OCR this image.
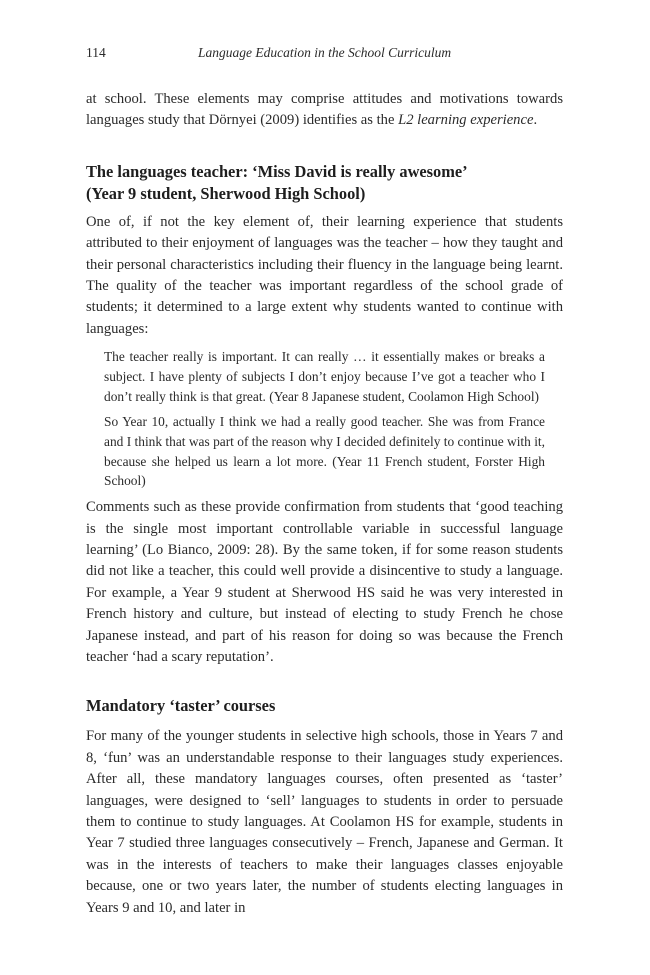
114	Language Education in the School Curriculum

at school. These elements may comprise attitudes and motivations towards languages study that Dörnyei (2009) identifies as the L2 learning experience.

The languages teacher: ‘Miss David is really awesome’
(Year 9 student, Sherwood High School)

One of, if not the key element of, their learning experience that students attributed to their enjoyment of languages was the teacher – how they taught and their personal characteristics including their fluency in the language being learnt. The quality of the teacher was important regardless of the school grade of students; it determined to a large extent why students wanted to continue with languages:

The teacher really is important. It can really … it essentially makes or breaks a subject. I have plenty of subjects I don’t enjoy because I’ve got a teacher who I don’t really think is that great. (Year 8 Japanese student, Coolamon High School)

So Year 10, actually I think we had a really good teacher. She was from France and I think that was part of the reason why I decided definitely to continue with it, because she helped us learn a lot more. (Year 11 French student, Forster High School)

Comments such as these provide confirmation from students that ‘good teaching is the single most important controllable variable in successful language learning’ (Lo Bianco, 2009: 28). By the same token, if for some reason students did not like a teacher, this could well provide a disincentive to study a language. For example, a Year 9 student at Sherwood HS said he was very interested in French history and culture, but instead of electing to study French he chose Japanese instead, and part of his reason for doing so was because the French teacher ‘had a scary reputation’.

Mandatory ‘taster’ courses

For many of the younger students in selective high schools, those in Years 7 and 8, ‘fun’ was an understandable response to their languages study experiences. After all, these mandatory languages courses, often presented as ‘taster’ languages, were designed to ‘sell’ languages to students in order to persuade them to continue to study languages. At Coolamon HS for example, students in Year 7 studied three languages consecutively – French, Japanese and German. It was in the interests of teachers to make their languages classes enjoyable because, one or two years later, the number of students electing languages in Years 9 and 10, and later in
